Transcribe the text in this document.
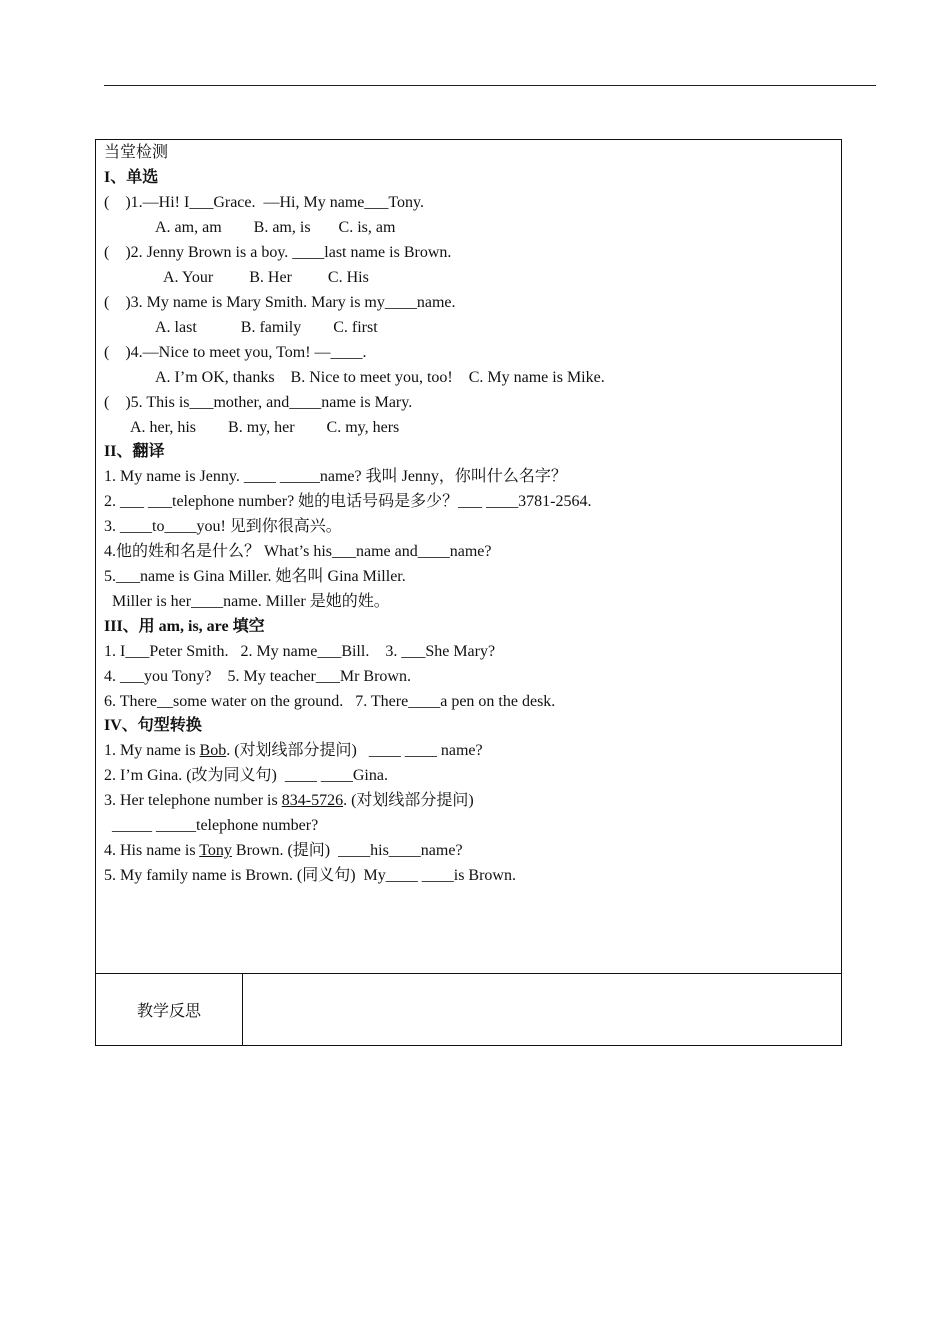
当堂检测
I、单选
(    )1.—Hi! I___Grace.  —Hi, My name___Tony.
A. am, am        B. am, is       C. is, am
(    )2. Jenny Brown is a boy. ____last name is Brown.
A. Your         B. Her         C. His
(    )3. My name is Mary Smith. Mary is my____name.
A. last           B. family        C. first
(    )4.—Nice to meet you, Tom! —____.
A. I’m OK, thanks    B. Nice to meet you, too!    C. My name is Mike.
(    )5. This is___mother, and____name is Mary.
A. her, his        B. my, her        C. my, hers
II、翻译
1. My name is Jenny. ____ _____name? 我叫 Jenny，你叫什么名字？
2. ___ ___telephone number? 她的电话号码是多少？___ ____3781-2564.
3. ____to____you! 见到你很高兴。
4.他的姓和名是什么？ What’s his___name and____name?
5.___name is Gina Miller. 她名叫 Gina Miller.
Miller is her____name. Miller 是她的姓。
III、用 am, is, are 填空
1. I___Peter Smith.   2. My name___Bill.    3. ___She Mary?
4. ___you Tony?    5. My teacher___Mr Brown.
6. There__some water on the ground.   7. There____a pen on the desk.
IV、句型转换
1. My name is Bob. (对划线部分提问)   ____ ____ name?
2. I’m Gina. (改为同义句)  ____ ____Gina.
3. Her telephone number is 834-5726. (对划线部分提问)
_____ _____telephone number?
4. His name is Tony Brown. (提问)  ____his____name?
5. My family name is Brown. (同义句)  My____ ____is Brown.
教学反思
